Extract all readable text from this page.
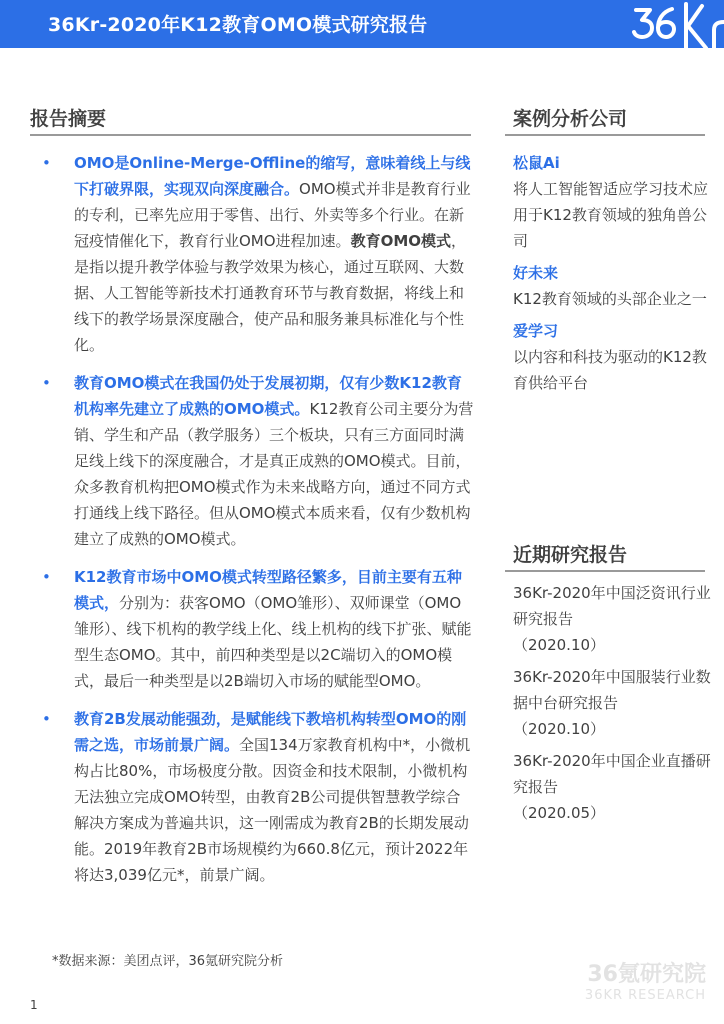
36Kr-2020年K12教育OMO模式研究报告
报告摘要
• OMO是Online-Merge-Offline的缩写，意味着线上与线下打破界限，实现双向深度融合。OMO模式并非是教育行业的专利，已率先应用于零售、出行、外卖等多个行业。在新冠疫情催化下，教育行业OMO进程加速。教育OMO模式，是指以提升教学体验与教学效果为核心，通过互联网、大数据、人工智能等新技术打通教育环节与教育数据，将线上和线下的教学场景深度融合，使产品和服务兼具标准化与个性化。
• 教育OMO模式在我国仍处于发展初期，仅有少数K12教育机构率先建立了成熟的OMO模式。K12教育公司主要分为营销、学生和产品（教学服务）三个板块，只有三方面同时满足线上线下的深度融合，才是真正成熟的OMO模式。目前，众多教育机构把OMO模式作为未来战略方向，通过不同方式打通线上线下路径。但从OMO模式本质来看，仅有少数机构建立了成熟的OMO模式。
• K12教育市场中OMO模式转型路径繁多，目前主要有五种模式，分别为：获客OMO（OMO雏形）、双师课堂（OMO雏形）、线下机构的教学线上化、线上机构的线下扩张、赋能型生态OMO。其中，前四种类型是以2C端切入的OMO模式，最后一种类型是以2B端切入市场的赋能型OMO。
• 教育2B发展动能强劲，是赋能线下教培机构转型OMO的刚需之选，市场前景广阔。全国134万家教育机构中*，小微机构占比80%，市场极度分散。因资金和技术限制，小微机构无法独立完成OMO转型，由教育2B公司提供智慧教学综合解决方案成为普遍共识，这一刚需成为教育2B的长期发展动能。2019年教育2B市场规模约为660.8亿元，预计2022年将达3,039亿元*，前景广阔。
案例分析公司
松鼠Ai
将人工智能智适应学习技术应用于K12教育领域的独角兽公司
好未来
K12教育领域的头部企业之一
爱学习
以内容和科技为驱动的K12教育供给平台
近期研究报告
36Kr-2020年中国泛资讯行业研究报告
（2020.10）
36Kr-2020年中国服装行业数据中台研究报告
（2020.10）
36Kr-2020年中国企业直播研究报告
（2020.05）
*数据来源：美团点评，36氪研究院分析
1
36氪研究院
36KR RESEARCH
